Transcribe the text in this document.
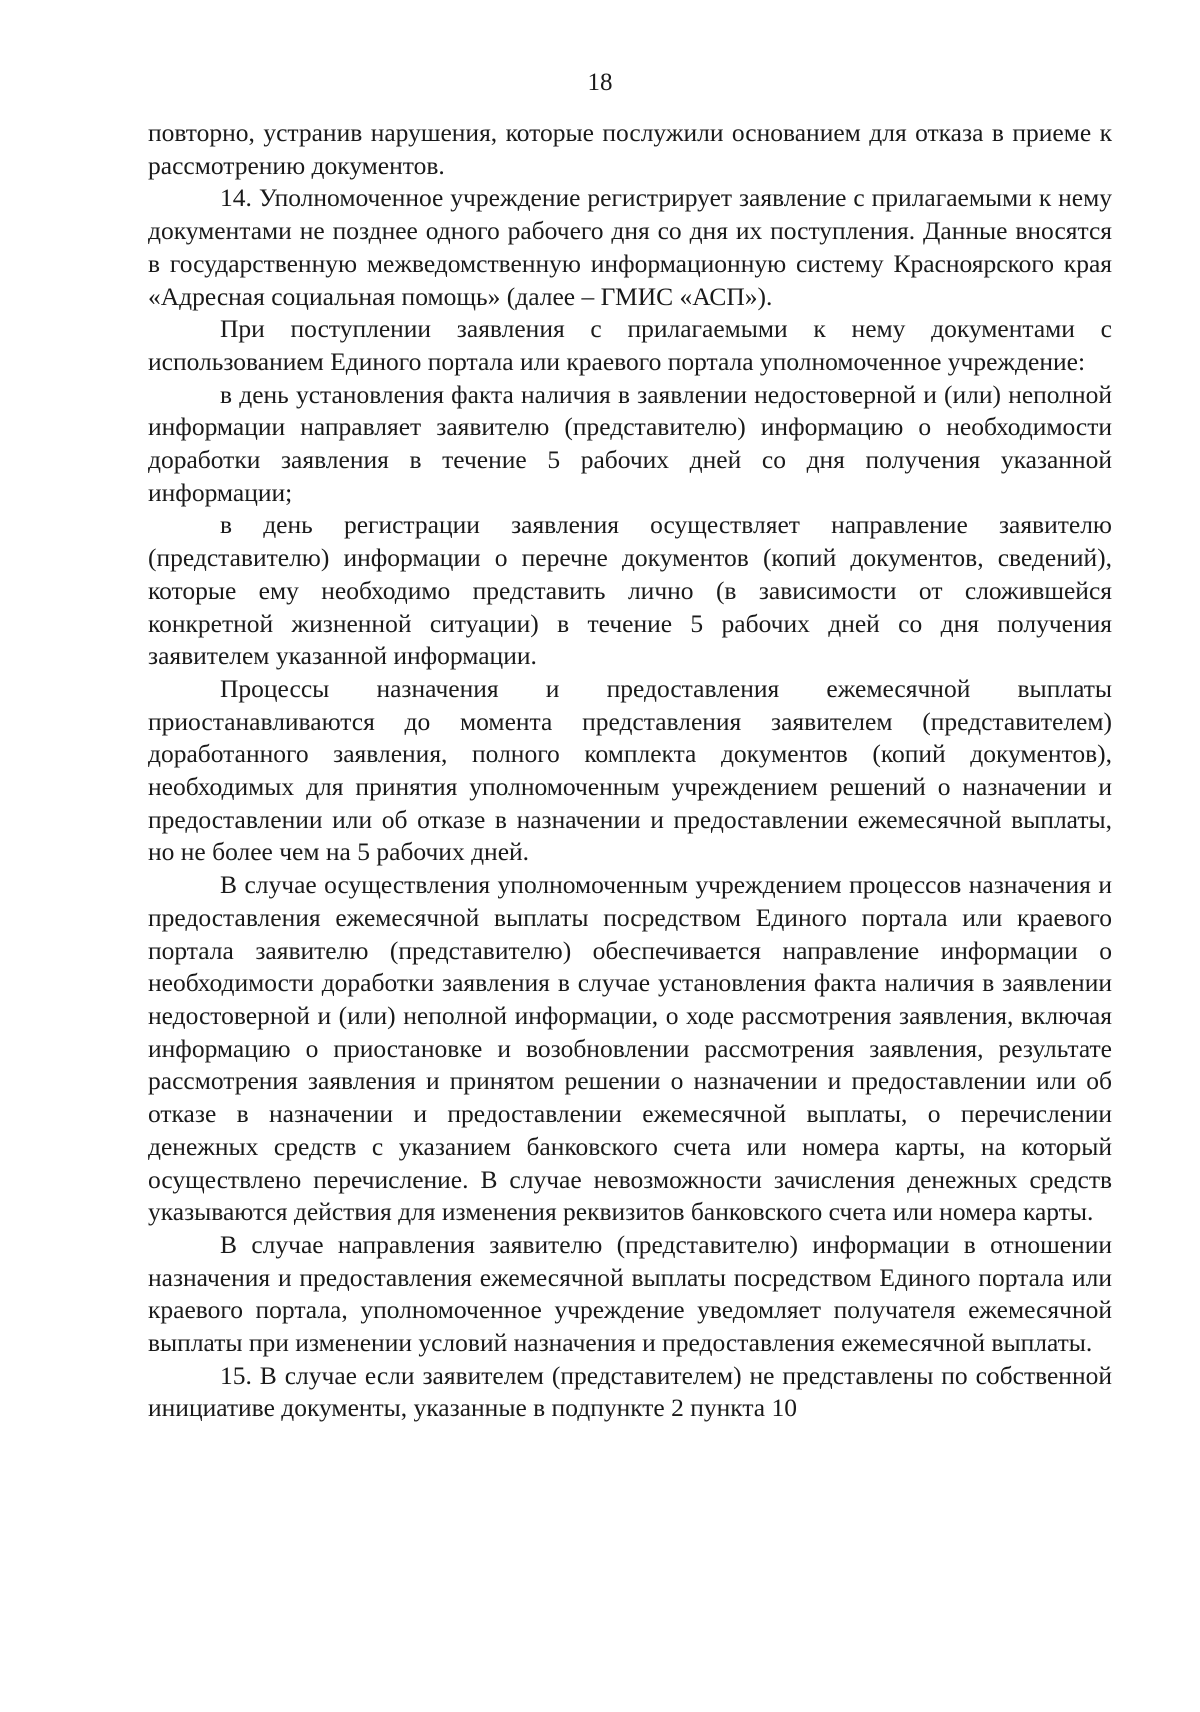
18

повторно, устранив нарушения, которые послужили основанием для отказа в приеме к рассмотрению документов.

14. Уполномоченное учреждение регистрирует заявление с прилагаемыми к нему документами не позднее одного рабочего дня со дня их поступления. Данные вносятся в государственную межведомственную информационную систему Красноярского края «Адресная социальная помощь» (далее – ГМИС «АСП»).

При поступлении заявления с прилагаемыми к нему документами с использованием Единого портала или краевого портала уполномоченное учреждение:

в день установления факта наличия в заявлении недостоверной и (или) неполной информации направляет заявителю (представителю) информацию о необходимости доработки заявления в течение 5 рабочих дней со дня получения указанной информации;

в день регистрации заявления осуществляет направление заявителю (представителю) информации о перечне документов (копий документов, сведений), которые ему необходимо представить лично (в зависимости от сложившейся конкретной жизненной ситуации) в течение 5 рабочих дней со дня получения заявителем указанной информации.

Процессы назначения и предоставления ежемесячной выплаты приостанавливаются до момента представления заявителем (представителем) доработанного заявления, полного комплекта документов (копий документов), необходимых для принятия уполномоченным учреждением решений о назначении и предоставлении или об отказе в назначении и предоставлении ежемесячной выплаты, но не более чем на 5 рабочих дней.

В случае осуществления уполномоченным учреждением процессов назначения и предоставления ежемесячной выплаты посредством Единого портала или краевого портала заявителю (представителю) обеспечивается направление информации о необходимости доработки заявления в случае установления факта наличия в заявлении недостоверной и (или) неполной информации, о ходе рассмотрения заявления, включая информацию о приостановке и возобновлении рассмотрения заявления, результате рассмотрения заявления и принятом решении о назначении и предоставлении или об отказе в назначении и предоставлении ежемесячной выплаты, о перечислении денежных средств с указанием банковского счета или номера карты, на который осуществлено перечисление. В случае невозможности зачисления денежных средств указываются действия для изменения реквизитов банковского счета или номера карты.

В случае направления заявителю (представителю) информации в отношении назначения и предоставления ежемесячной выплаты посредством Единого портала или краевого портала, уполномоченное учреждение уведомляет получателя ежемесячной выплаты при изменении условий назначения и предоставления ежемесячной выплаты.

15. В случае если заявителем (представителем) не представлены по собственной инициативе документы, указанные в подпункте 2 пункта 10
